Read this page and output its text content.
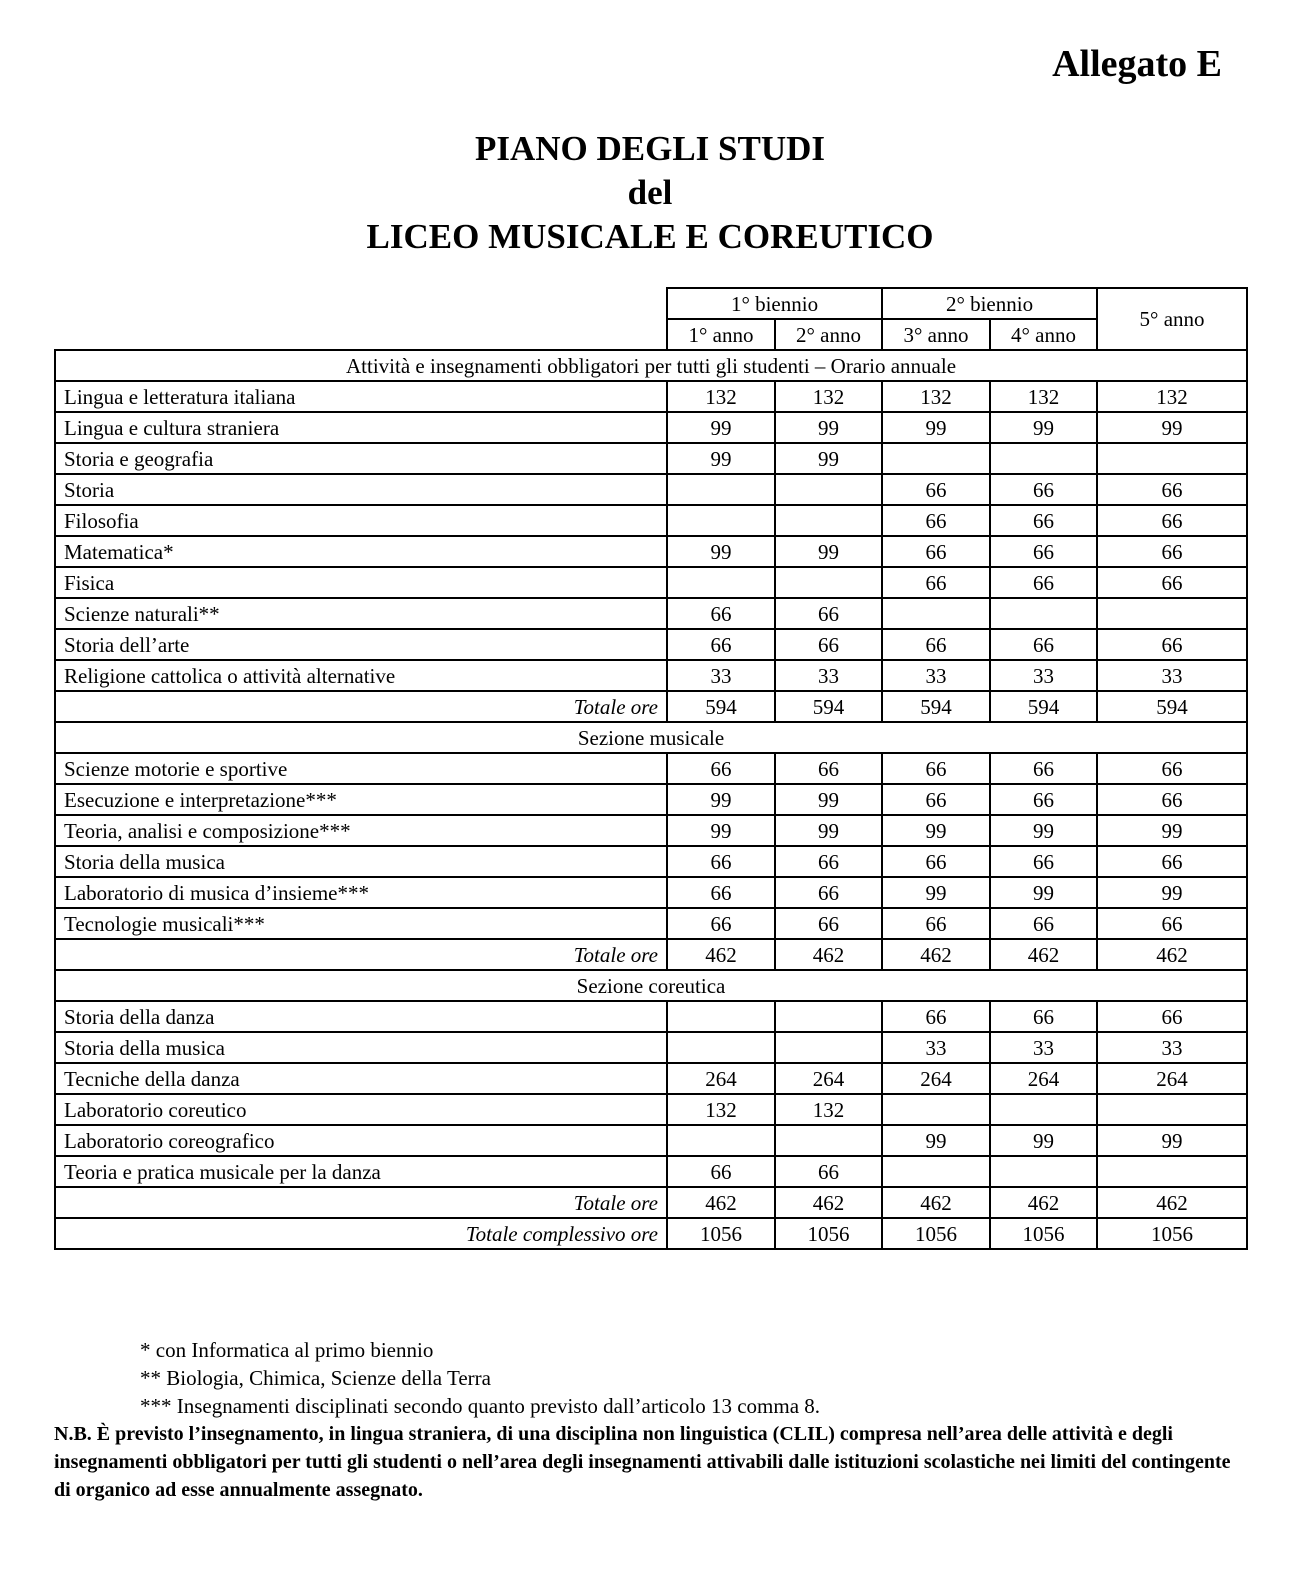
Allegato E
PIANO DEGLI STUDI
del
LICEO MUSICALE E COREUTICO
	1° biennio		2° biennio		5° anno
	1° anno	2° anno	3° anno	4° anno	
Attività e insegnamenti obbligatori per tutti gli studenti – Orario annuale					
Lingua e letteratura italiana	132	132	132	132	132
Lingua e cultura straniera	99	99	99	99	99
Storia e geografia	99	99			
Storia			66	66	66
Filosofia			66	66	66
Matematica*	99	99	66	66	66
Fisica			66	66	66
Scienze naturali**	66	66			
Storia dell’arte	66	66	66	66	66
Religione cattolica o attività alternative	33	33	33	33	33
Totale ore	594	594	594	594	594
Sezione musicale					
Scienze motorie e sportive	66	66	66	66	66
Esecuzione e interpretazione***	99	99	66	66	66
Teoria, analisi e composizione***	99	99	99	99	99
Storia della musica	66	66	66	66	66
Laboratorio di musica d’insieme***	66	66	99	99	99
Tecnologie musicali***	66	66	66	66	66
Totale ore	462	462	462	462	462
Sezione coreutica					
Storia della danza			66	66	66
Storia della musica			33	33	33
Tecniche della danza	264	264	264	264	264
Laboratorio coreutico	132	132			
Laboratorio coreografico			99	99	99
Teoria e pratica musicale per la danza	66	66			
Totale ore	462	462	462	462	462
Totale complessivo ore	1056	1056	1056	1056	1056
* con Informatica al primo biennio
** Biologia, Chimica, Scienze della Terra
*** Insegnamenti disciplinati secondo quanto previsto dall’articolo 13 comma 8.
N.B. È previsto l’insegnamento, in lingua straniera, di una disciplina non linguistica (CLIL) compresa nell’area delle attività e degli insegnamenti obbligatori per tutti gli studenti o nell’area degli insegnamenti attivabili dalle istituzioni scolastiche nei limiti del contingente di organico ad esse annualmente assegnato.
